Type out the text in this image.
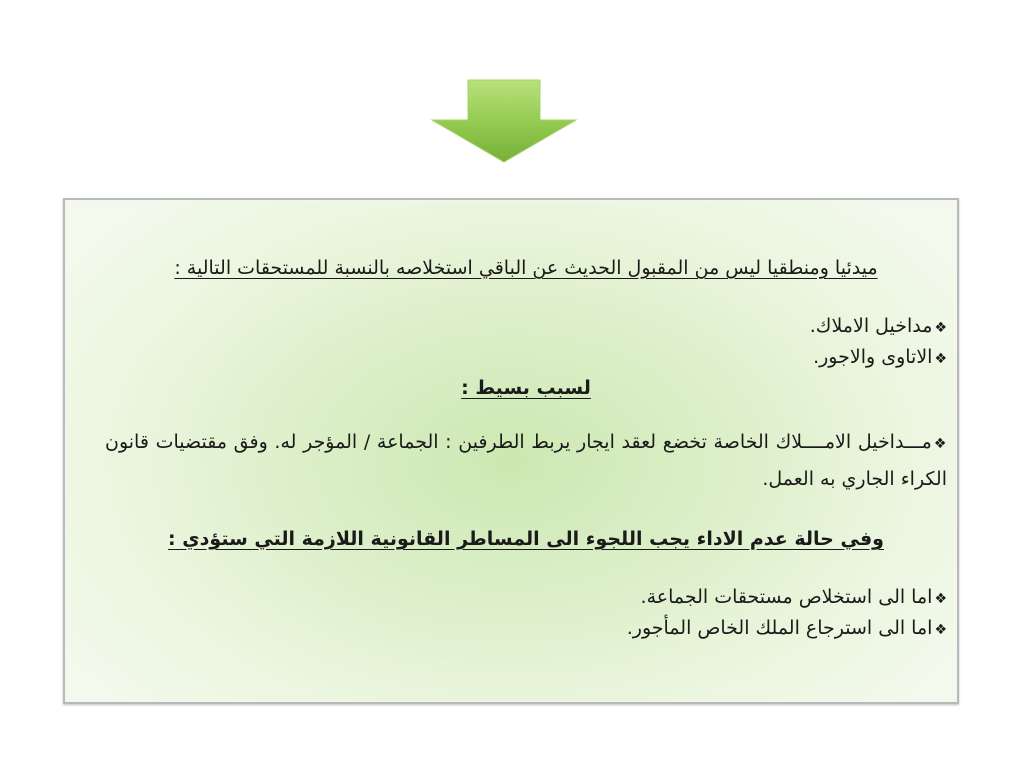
ميدئيا ومنطقيا ليس من المقبول الحديث عن الباقي استخلاصه بالنسبة للمستحقات التالية :
❖مداخيل الاملاك.
❖الاتاوى والاجور.
لسبب بسيط :
❖مـــداخيل الامــــلاك الخاصة تخضع لعقد ايجار يربط الطرفين : الجماعة / المؤجر له. وفق مقتضيات قانون الكراء الجاري به العمل.
وفي حالة عدم الاداء يجب اللجوء الى المساطر القانونية اللازمة التي ستؤدي :
❖اما الى استخلاص مستحقات الجماعة.
❖اما الى استرجاع الملك الخاص المأجور.
